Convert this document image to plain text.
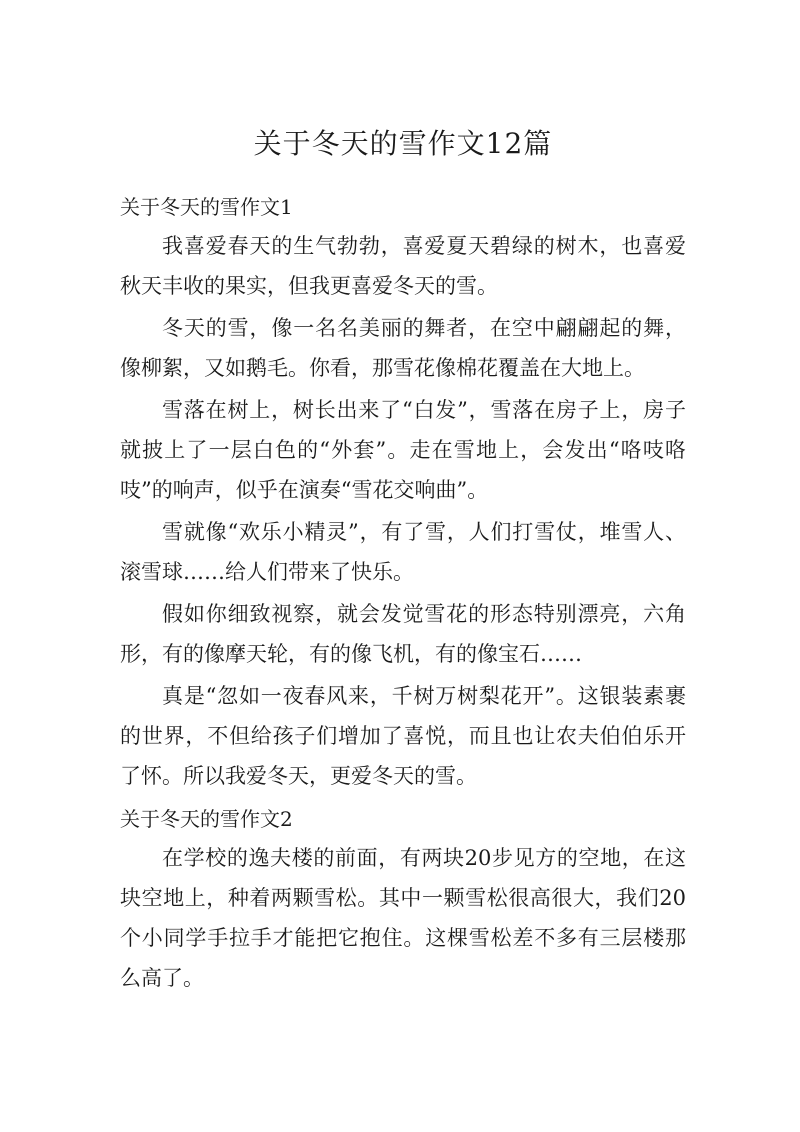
关于冬天的雪作文12篇
关于冬天的雪作文1

我喜爱春天的生气勃勃，喜爱夏天碧绿的树木，也喜爱秋天丰收的果实，但我更喜爱冬天的雪。

冬天的雪，像一名名美丽的舞者，在空中翩翩起的舞，像柳絮，又如鹅毛。你看，那雪花像棉花覆盖在大地上。

雪落在树上，树长出来了“白发”，雪落在房子上，房子就披上了一层白色的“外套”。走在雪地上，会发出“咯吱咯吱”的响声，似乎在演奏“雪花交响曲”。

雪就像“欢乐小精灵”，有了雪，人们打雪仗，堆雪人、滚雪球……给人们带来了快乐。

假如你细致视察，就会发觉雪花的形态特别漂亮，六角形，有的像摩天轮，有的像飞机，有的像宝石……

真是“忽如一夜春风来，千树万树梨花开”。这银装素裹的世界，不但给孩子们增加了喜悦，而且也让农夫伯伯乐开了怀。所以我爱冬天，更爱冬天的雪。

关于冬天的雪作文2

在学校的逸夫楼的前面，有两块20步见方的空地，在这块空地上，种着两颗雪松。其中一颗雪松很高很大，我们20个小同学手拉手才能把它抱住。这棵雪松差不多有三层楼那么高了。
